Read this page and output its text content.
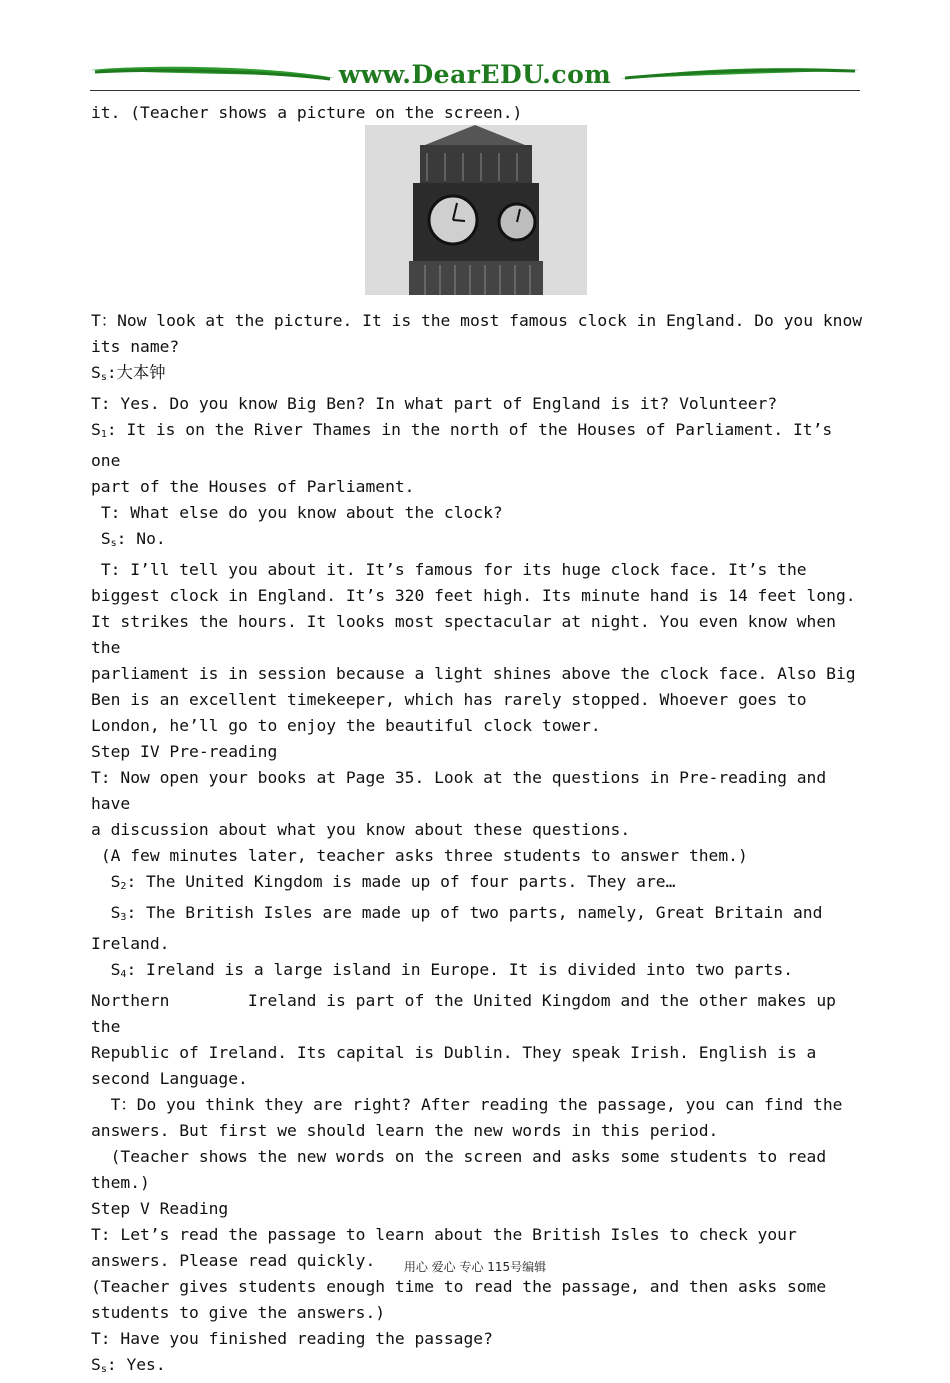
www.DearEDU.com

it. (Teacher shows a picture on the screen.)

T：Now look at the picture. It is the most famous clock in England. Do you know

its name?

$S_s$:大本钟

T: Yes. Do you know Big Ben? In what part of England is it? Volunteer?

$S_1$: It is on the River Thames in the north of the Houses of Parliament. It’s one

part of the Houses of Parliament.

T: What else do you know about the clock?

$S_s$: No.

T: I’ll tell you about it. It’s famous for its huge clock face. It’s the

biggest clock in England. It’s 320 feet high. Its minute hand is 14 feet long.

It strikes the hours. It looks most spectacular at night. You even know when the

parliament is in session because a light shines above the clock face. Also Big

Ben is an excellent timekeeper, which has rarely stopped. Whoever goes to

London, he’ll go to enjoy the beautiful clock tower.

Step IV Pre-reading

T: Now open your books at Page 35. Look at the questions in Pre-reading and have

a discussion about what you know about these questions.

(A few minutes later, teacher asks three students to answer them.)

$S_2$: The United Kingdom is made up of four parts. They are…

$S_3$: The British Isles are made up of two parts, namely, Great Britain and

Ireland.

$S_4$: Ireland is a large island in Europe. It is divided into two parts.

Northern        Ireland is part of the United Kingdom and the other makes up the

Republic of Ireland. Its capital is Dublin. They speak Irish. English is a

second Language.

T：Do you think they are right? After reading the passage, you can find the

answers. But first we should learn the new words in this period.

(Teacher shows the new words on the screen and asks some students to read

them.)

Step V Reading

T: Let’s read the passage to learn about the British Isles to check your

answers. Please read quickly.

(Teacher gives students enough time to read the passage, and then asks some

students to give the answers.)

T: Have you finished reading the passage?

$S_s$: Yes.

用心 爱心 专心 115号编辑
